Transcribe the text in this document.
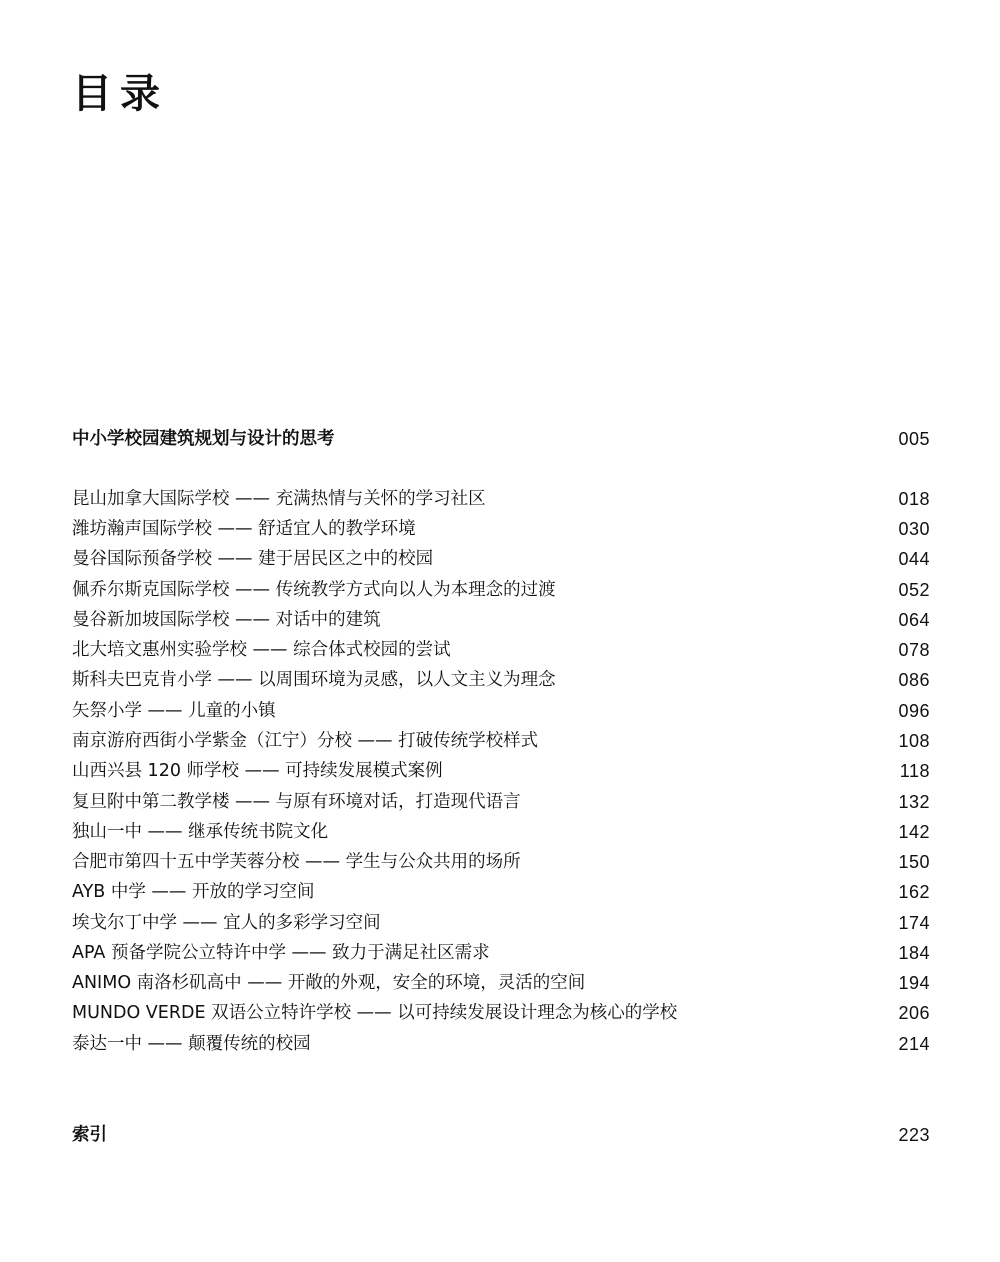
目录
中小学校园建筑规划与设计的思考	005
昆山加拿大国际学校 —— 充满热情与关怀的学习社区	018
潍坊瀚声国际学校 —— 舒适宜人的教学环境	030
曼谷国际预备学校 —— 建于居民区之中的校园	044
佩乔尔斯克国际学校 —— 传统教学方式向以人为本理念的过渡	052
曼谷新加坡国际学校 —— 对话中的建筑	064
北大培文惠州实验学校 —— 综合体式校园的尝试	078
斯科夫巴克肯小学 —— 以周围环境为灵感，以人文主义为理念	086
矢祭小学 —— 儿童的小镇	096
南京游府西街小学紫金（江宁）分校 —— 打破传统学校样式	108
山西兴县 120 师学校 —— 可持续发展模式案例	118
复旦附中第二教学楼 —— 与原有环境对话，打造现代语言	132
独山一中 —— 继承传统书院文化	142
合肥市第四十五中学芙蓉分校 —— 学生与公众共用的场所	150
AYB 中学 —— 开放的学习空间	162
埃戈尔丁中学 —— 宜人的多彩学习空间	174
APA 预备学院公立特许中学 —— 致力于满足社区需求	184
ANIMO 南洛杉矶高中 —— 开敞的外观，安全的环境，灵活的空间	194
MUNDO VERDE 双语公立特许学校 —— 以可持续发展设计理念为核心的学校	206
泰达一中 —— 颠覆传统的校园	214
索引	223
